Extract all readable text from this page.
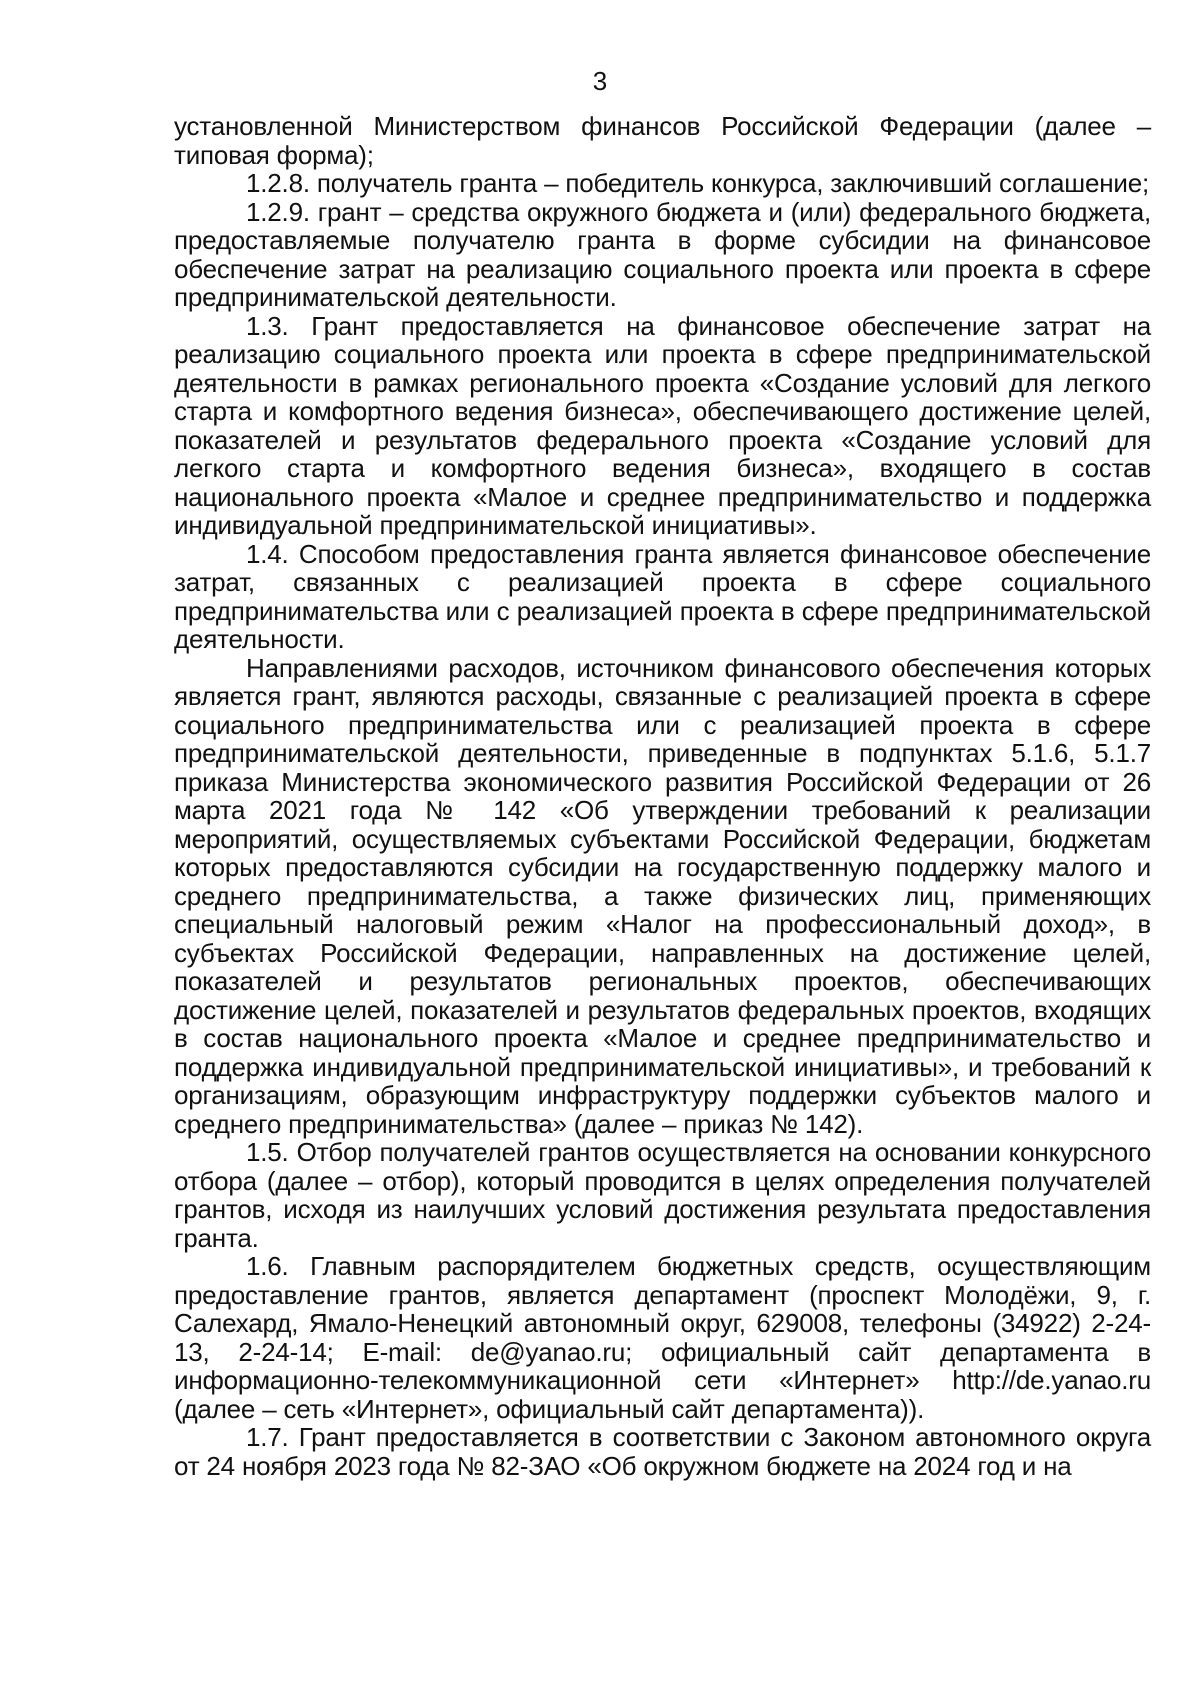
3

установленной Министерством финансов Российской Федерации (далее – типовая форма);

1.2.8. получатель гранта – победитель конкурса, заключивший соглашение;

1.2.9. грант – средства окружного бюджета и (или) федерального бюджета, предоставляемые получателю гранта в форме субсидии на финансовое обеспечение затрат на реализацию социального проекта или проекта в сфере предпринимательской деятельности.

1.3. Грант предоставляется на финансовое обеспечение затрат на реализацию социального проекта или проекта в сфере предпринимательской деятельности в рамках регионального проекта «Создание условий для легкого старта и комфортного ведения бизнеса», обеспечивающего достижение целей, показателей и результатов федерального проекта «Создание условий для легкого старта и комфортного ведения бизнеса», входящего в состав национального проекта «Малое и среднее предпринимательство и поддержка индивидуальной предпринимательской инициативы».

1.4. Способом предоставления гранта является финансовое обеспечение затрат, связанных с реализацией проекта в сфере социального предпринимательства или с реализацией проекта в сфере предпринимательской деятельности.

Направлениями расходов, источником финансового обеспечения которых является грант, являются расходы, связанные с реализацией проекта в сфере социального предпринимательства или с реализацией проекта в сфере предпринимательской деятельности, приведенные в подпунктах 5.1.6, 5.1.7 приказа Министерства экономического развития Российской Федерации от 26 марта 2021 года № 142 «Об утверждении требований к реализации мероприятий, осуществляемых субъектами Российской Федерации, бюджетам которых предоставляются субсидии на государственную поддержку малого и среднего предпринимательства, а также физических лиц, применяющих специальный налоговый режим «Налог на профессиональный доход», в субъектах Российской Федерации, направленных на достижение целей, показателей и результатов региональных проектов, обеспечивающих достижение целей, показателей и результатов федеральных проектов, входящих в состав национального проекта «Малое и среднее предпринимательство и поддержка индивидуальной предпринимательской инициативы», и требований к организациям, образующим инфраструктуру поддержки субъектов малого и среднего предпринимательства» (далее – приказ № 142).

1.5. Отбор получателей грантов осуществляется на основании конкурсного отбора (далее – отбор), который проводится в целях определения получателей грантов, исходя из наилучших условий достижения результата предоставления гранта.

1.6. Главным распорядителем бюджетных средств, осуществляющим предоставление грантов, является департамент (проспект Молодёжи, 9, г. Салехард, Ямало-Ненецкий автономный округ, 629008, телефоны (34922) 2-24-13, 2-24-14; E-mail: de@yanao.ru; официальный сайт департамента в информационно-телекоммуникационной сети «Интернет» http://de.yanao.ru (далее – сеть «Интернет», официальный сайт департамента)).

1.7. Грант предоставляется в соответствии с Законом автономного округа от 24 ноября 2023 года № 82-ЗАО «Об окружном бюджете на 2024 год и на
